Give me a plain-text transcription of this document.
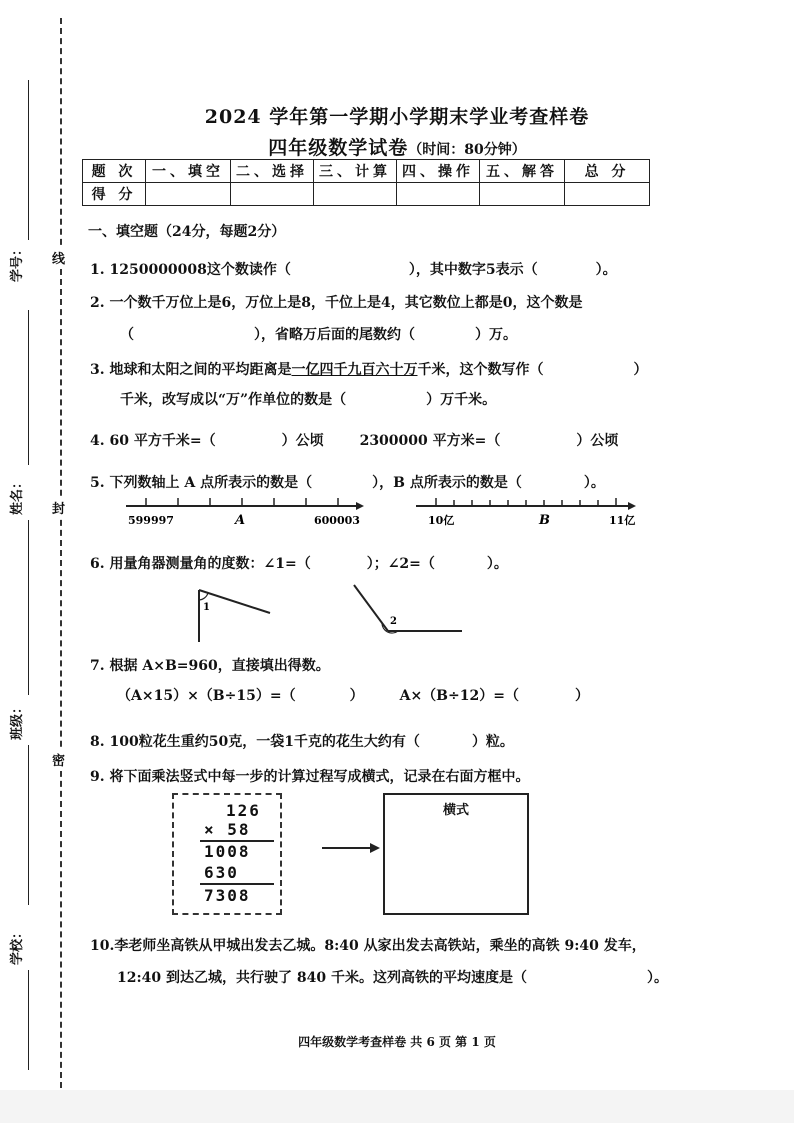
学号：
姓名：
班级：
学校：
线
封
密
2024 学年第一学期小学期末学业考查样卷
四年级数学试卷（时间：80分钟）
题 次	一、填空	二、选择	三、计算	四、操作	五、解答	总 分
得 分						
一、填空题（24分，每题2分）
1. 1250000008这个数读作（	），其中数字5表示（	）。
2. 一个数千万位上是6，万位上是8，千位上是4，其它数位上都是0，这个数是
（	），省略万后面的尾数约（	）万。
3. 地球和太阳之间的平均距离是一亿四千九百六十万千米，这个数写作（	）
千米，改写成以“万”作单位的数是（	）万千米。
4. 60 平方千米=（	）公顷	2300000 平方米=（	）公顷
5. 下列数轴上 A 点所表示的数是（	），B 点所表示的数是（	）。
599997	A	600003	10亿	B	11亿
6. 用量角器测量角的度数：∠1=（	）；∠2=（	）。
1
2
7. 根据 A×B=960，直接填出得数。
（A×15）×（B÷15）=（	）	A×（B÷12）=（	）
8. 100粒花生重约50克，一袋1千克的花生大约有（	）粒。
9. 将下面乘法竖式中每一步的计算过程写成横式，记录在右面方框中。
126
× 58
1008
630
7308
横式
10.李老师坐高铁从甲城出发去乙城。8:40 从家出发去高铁站，乘坐的高铁 9:40 发车，
12:40 到达乙城，共行驶了 840 千米。这列高铁的平均速度是（	）。
四年级数学考查样卷 共 6 页 第 1 页
